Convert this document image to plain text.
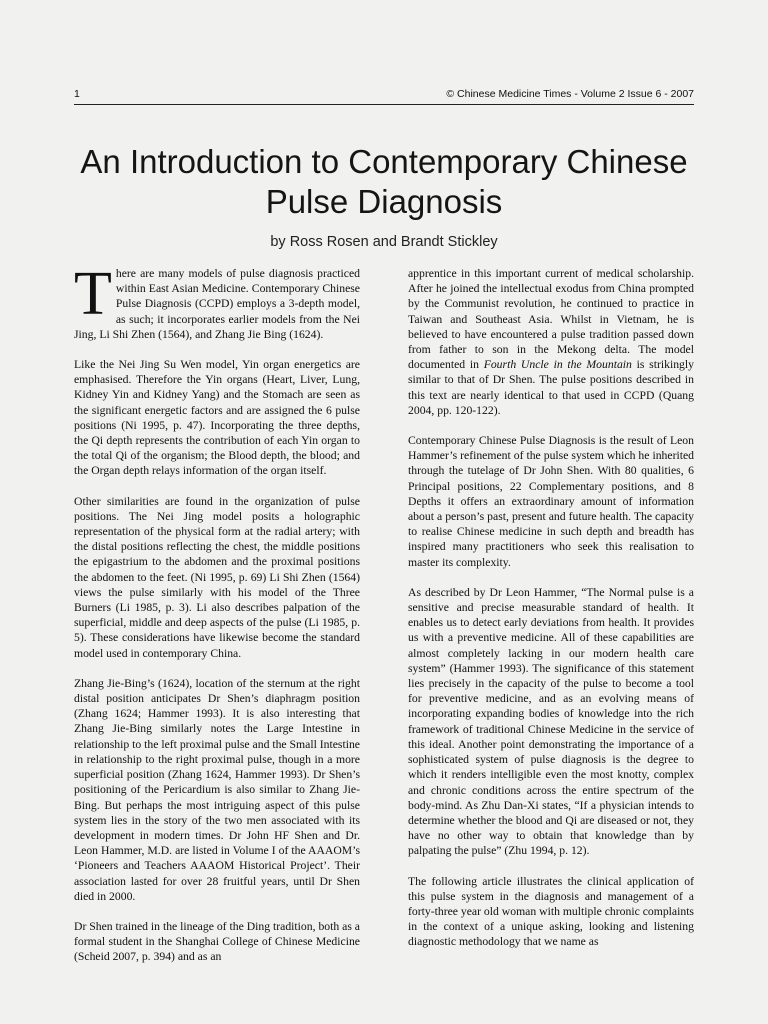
1	© Chinese Medicine Times - Volume 2 Issue 6 - 2007
An Introduction to Contemporary Chinese Pulse Diagnosis
by Ross Rosen and Brandt Stickley

There are many models of pulse diagnosis practiced within East Asian Medicine. Contemporary Chinese Pulse Diagnosis (CCPD) employs a 3-depth model, as such; it incorporates earlier models from the Nei Jing, Li Shi Zhen (1564), and Zhang Jie Bing (1624).

Like the Nei Jing Su Wen model, Yin organ energetics are emphasised. Therefore the Yin organs (Heart, Liver, Lung, Kidney Yin and Kidney Yang) and the Stomach are seen as the significant energetic factors and are assigned the 6 pulse positions (Ni 1995, p. 47). Incorporating the three depths, the Qi depth represents the contribution of each Yin organ to the total Qi of the organism; the Blood depth, the blood; and the Organ depth relays information of the organ itself.

Other similarities are found in the organization of pulse positions. The Nei Jing model posits a holographic representation of the physical form at the radial artery; with the distal positions reflecting the chest, the middle positions the epigastrium to the abdomen and the proximal positions the abdomen to the feet. (Ni 1995, p. 69) Li Shi Zhen (1564) views the pulse similarly with his model of the Three Burners (Li 1985, p. 3). Li also describes palpation of the superficial, middle and deep aspects of the pulse (Li 1985, p. 5). These considerations have likewise become the standard model used in contemporary China.

Zhang Jie-Bing’s (1624), location of the sternum at the right distal position anticipates Dr Shen’s diaphragm position (Zhang 1624; Hammer 1993). It is also interesting that Zhang Jie-Bing similarly notes the Large Intestine in relationship to the left proximal pulse and the Small Intestine in relationship to the right proximal pulse, though in a more superficial position (Zhang 1624, Hammer 1993). Dr Shen’s positioning of the Pericardium is also similar to Zhang Jie-Bing. But perhaps the most intriguing aspect of this pulse system lies in the story of the two men associated with its development in modern times. Dr John HF Shen and Dr. Leon Hammer, M.D. are listed in Volume I of the AAAOM’s ‘Pioneers and Teachers AAAOM Historical Project’. Their association lasted for over 28 fruitful years, until Dr Shen died in 2000.

Dr Shen trained in the lineage of the Ding tradition, both as a formal student in the Shanghai College of Chinese Medicine (Scheid 2007, p. 394) and as an

apprentice in this important current of medical scholarship. After he joined the intellectual exodus from China prompted by the Communist revolution, he continued to practice in Taiwan and Southeast Asia. Whilst in Vietnam, he is believed to have encountered a pulse tradition passed down from father to son in the Mekong delta. The model documented in Fourth Uncle in the Mountain is strikingly similar to that of Dr Shen. The pulse positions described in this text are nearly identical to that used in CCPD (Quang 2004, pp. 120-122).

Contemporary Chinese Pulse Diagnosis is the result of Leon Hammer’s refinement of the pulse system which he inherited through the tutelage of Dr John Shen. With 80 qualities, 6 Principal positions, 22 Complementary positions, and 8 Depths it offers an extraordinary amount of information about a person’s past, present and future health. The capacity to realise Chinese medicine in such depth and breadth has inspired many practitioners who seek this realisation to master its complexity.

As described by Dr Leon Hammer, “The Normal pulse is a sensitive and precise measurable standard of health. It enables us to detect early deviations from health. It provides us with a preventive medicine. All of these capabilities are almost completely lacking in our modern health care system” (Hammer 1993). The significance of this statement lies precisely in the capacity of the pulse to become a tool for preventive medicine, and as an evolving means of incorporating expanding bodies of knowledge into the rich framework of traditional Chinese Medicine in the service of this ideal. Another point demonstrating the importance of a sophisticated system of pulse diagnosis is the degree to which it renders intelligible even the most knotty, complex and chronic conditions across the entire spectrum of the body-mind. As Zhu Dan-Xi states, “If a physician intends to determine whether the blood and Qi are diseased or not, they have no other way to obtain that knowledge than by palpating the pulse” (Zhu 1994, p. 12).

The following article illustrates the clinical application of this pulse system in the diagnosis and management of a forty-three year old woman with multiple chronic complaints in the context of a unique asking, looking and listening diagnostic methodology that we name as
